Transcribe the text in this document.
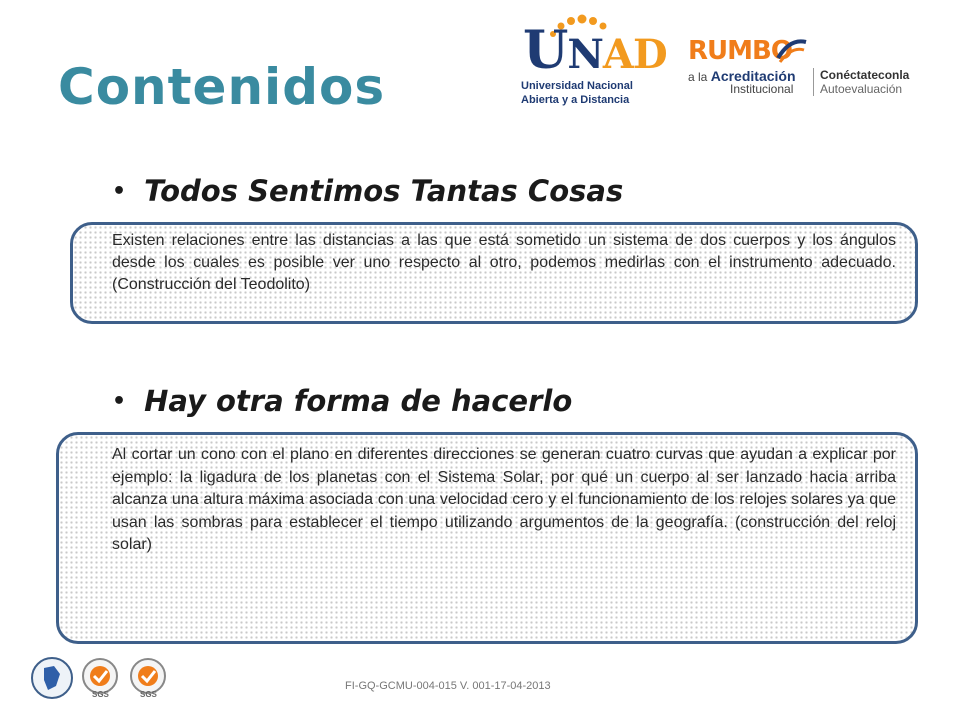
Contenidos
UNAD
Universidad Nacional
Abierta y a Distancia
RUMBO
a la Acreditación
Institucional
Conéctateconla
Autoevaluación
• Todos Sentimos Tantas Cosas
Existen relaciones entre las distancias a las que está sometido un sistema de dos cuerpos y los ángulos desde los cuales es posible ver uno respecto al otro, podemos medirlas con el instrumento adecuado. (Construcción del Teodolito)
• Hay otra forma de hacerlo
Al cortar un cono con el plano en diferentes direcciones se generan cuatro curvas que ayudan a explicar por ejemplo: la ligadura de los planetas con el Sistema Solar, por qué un cuerpo al ser lanzado hacia arriba alcanza una altura máxima asociada con una velocidad cero y el funcionamiento de los relojes solares ya que usan las sombras para establecer el tiempo utilizando argumentos de la geografía. (construcción del reloj solar)
SGS	SGS
FI-GQ-GCMU-004-015 V. 001-17-04-2013
